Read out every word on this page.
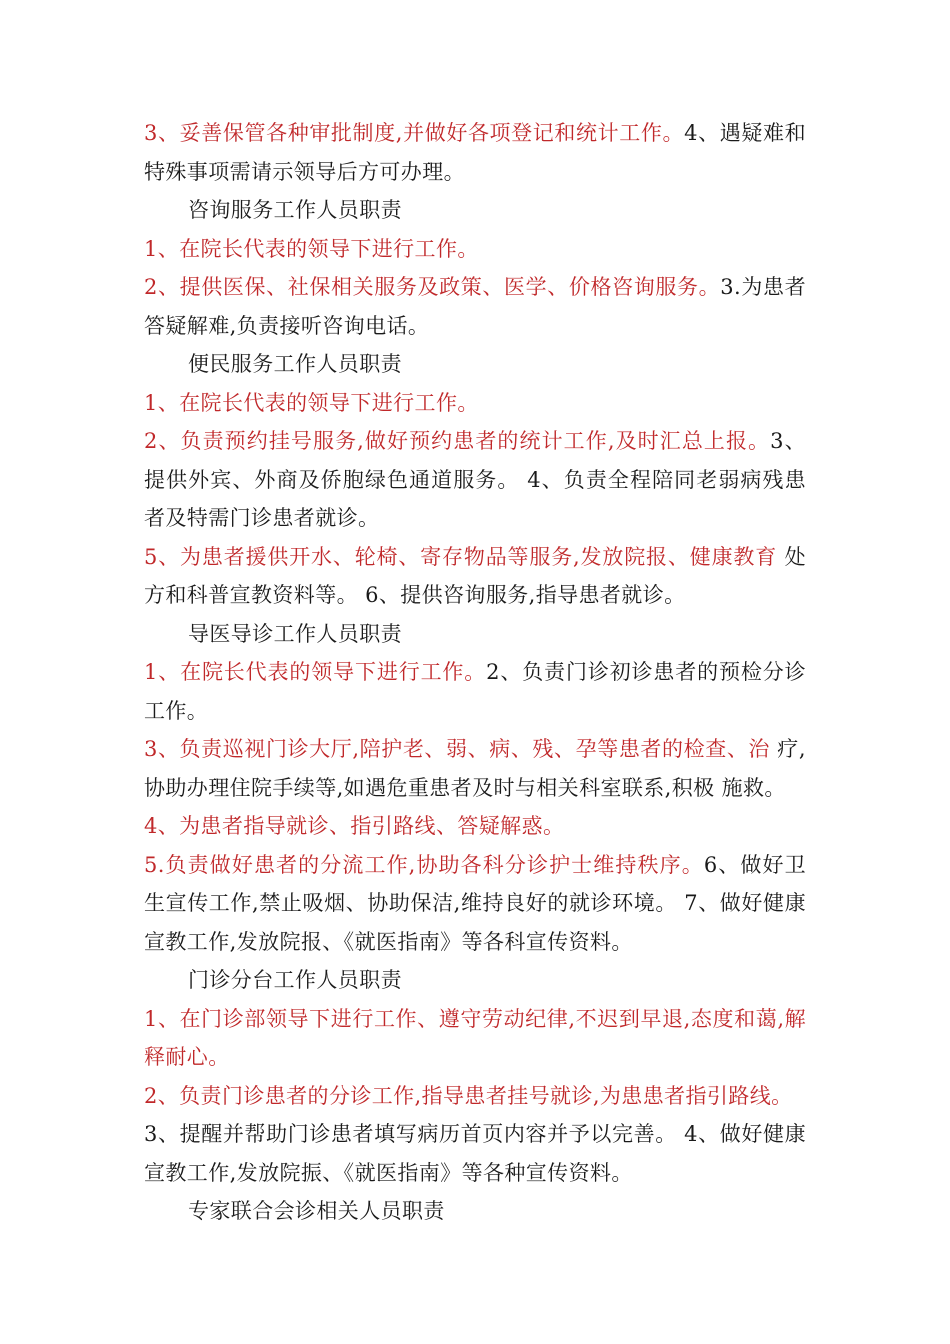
3、妥善保管各种审批制度,并做好各项登记和统计工作。4、遇疑难和特殊事项需请示领导后方可办理。

咨询服务工作人员职责

1、在院长代表的领导下进行工作。

2、提供医保、社保相关服务及政策、医学、价格咨询服务。3.为患者答疑解难,负责接听咨询电话。

便民服务工作人员职责

1、在院长代表的领导下进行工作。

2、负责预约挂号服务,做好预约患者的统计工作,及时汇总上报。3、提供外宾、外商及侨胞绿色通道服务。 4、负责全程陪同老弱病残患者及特需门诊患者就诊。

5、为患者援供开水、轮椅、寄存物品等服务,发放院报、健康教育 处方和科普宣教资料等。 6、提供咨询服务,指导患者就诊。

导医导诊工作人员职责

1、在院长代表的领导下进行工作。2、负责门诊初诊患者的预检分诊工作。

3、负责巡视门诊大厅,陪护老、弱、病、残、孕等患者的检查、治 疗,协助办理住院手续等,如遇危重患者及时与相关科室联系,积极 施救。

4、为患者指导就诊、指引路线、答疑解惑。

5.负责做好患者的分流工作,协助各科分诊护士维持秩序。6、做好卫生宣传工作,禁止吸烟、协助保洁,维持良好的就诊环境。 7、做好健康宣教工作,发放院报、《就医指南》等各科宣传资料。

门诊分台工作人员职责

1、在门诊部领导下进行工作、遵守劳动纪律,不迟到早退,态度和蔼,解释耐心。

2、负责门诊患者的分诊工作,指导患者挂号就诊,为患患者指引路线。

3、提醒并帮助门诊患者填写病历首页内容并予以完善。 4、做好健康宣教工作,发放院振、《就医指南》等各种宣传资料。

专家联合会诊相关人员职责
